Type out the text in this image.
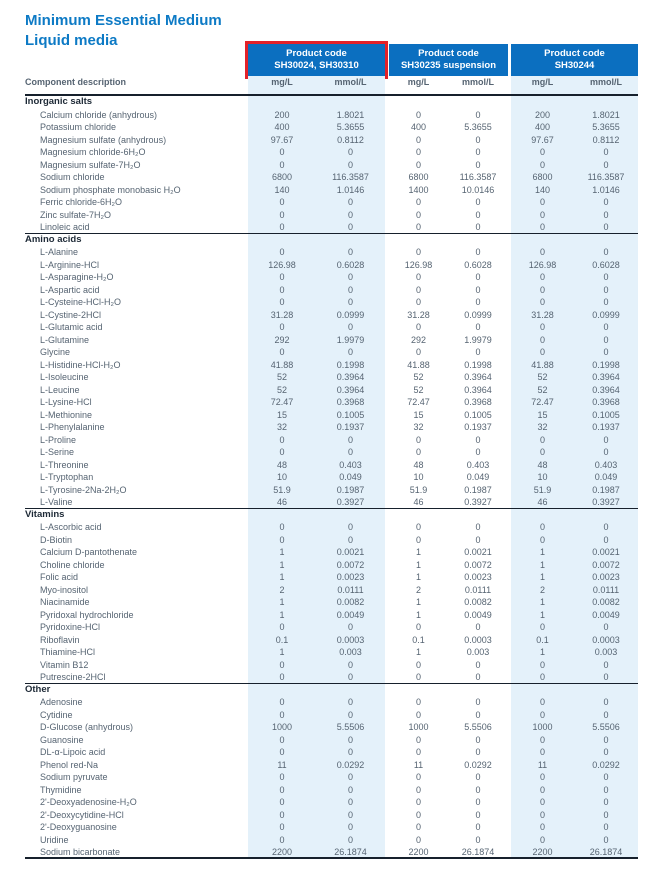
Minimum Essential Medium
Liquid media
Product code
SH30024, SH30310
Product code
SH30235 suspension
Product code
SH30244
Component description	mg/L	mmol/L	mg/L	mmol/L	mg/L	mmol/L
Inorganic salts
Calcium chloride (anhydrous)	200	1.8021	0	0	200	1.8021
Potassium chloride	400	5.3655	400	5.3655	400	5.3655
Magnesium sulfate (anhydrous)	97.67	0.8112	0	0	97.67	0.8112
Magnesium chloride-6H₂O	0	0	0	0	0	0
Magnesium sulfate-7H₂O	0	0	0	0	0	0
Sodium chloride	6800	116.3587	6800	116.3587	6800	116.3587
Sodium phosphate monobasic H₂O	140	1.0146	1400	10.0146	140	1.0146
Ferric chloride-6H₂O	0	0	0	0	0	0
Zinc sulfate-7H₂O	0	0	0	0	0	0
Linoleic acid	0	0	0	0	0	0
Amino acids
L-Alanine	0	0	0	0	0	0
L-Arginine-HCl	126.98	0.6028	126.98	0.6028	126.98	0.6028
L-Asparagine-H₂O	0	0	0	0	0	0
L-Aspartic acid	0	0	0	0	0	0
L-Cysteine-HCl-H₂O	0	0	0	0	0	0
L-Cystine-2HCl	31.28	0.0999	31.28	0.0999	31.28	0.0999
L-Glutamic acid	0	0	0	0	0	0
L-Glutamine	292	1.9979	292	1.9979	0	0
Glycine	0	0	0	0	0	0
L-Histidine-HCl-H₂O	41.88	0.1998	41.88	0.1998	41.88	0.1998
L-Isoleucine	52	0.3964	52	0.3964	52	0.3964
L-Leucine	52	0.3964	52	0.3964	52	0.3964
L-Lysine-HCl	72.47	0.3968	72.47	0.3968	72.47	0.3968
L-Methionine	15	0.1005	15	0.1005	15	0.1005
L-Phenylalanine	32	0.1937	32	0.1937	32	0.1937
L-Proline	0	0	0	0	0	0
L-Serine	0	0	0	0	0	0
L-Threonine	48	0.403	48	0.403	48	0.403
L-Tryptophan	10	0.049	10	0.049	10	0.049
L-Tyrosine-2Na-2H₂O	51.9	0.1987	51.9	0.1987	51.9	0.1987
L-Valine	46	0.3927	46	0.3927	46	0.3927
Vitamins
L-Ascorbic acid	0	0	0	0	0	0
D-Biotin	0	0	0	0	0	0
Calcium D-pantothenate	1	0.0021	1	0.0021	1	0.0021
Choline chloride	1	0.0072	1	0.0072	1	0.0072
Folic acid	1	0.0023	1	0.0023	1	0.0023
Myo-inositol	2	0.0111	2	0.0111	2	0.0111
Niacinamide	1	0.0082	1	0.0082	1	0.0082
Pyridoxal hydrochloride	1	0.0049	1	0.0049	1	0.0049
Pyridoxine-HCl	0	0	0	0	0	0
Riboflavin	0.1	0.0003	0.1	0.0003	0.1	0.0003
Thiamine-HCl	1	0.003	1	0.003	1	0.003
Vitamin B12	0	0	0	0	0	0
Putrescine-2HCl	0	0	0	0	0	0
Other
Adenosine	0	0	0	0	0	0
Cytidine	0	0	0	0	0	0
D-Glucose (anhydrous)	1000	5.5506	1000	5.5506	1000	5.5506
Guanosine	0	0	0	0	0	0
DL-α-Lipoic acid	0	0	0	0	0	0
Phenol red-Na	11	0.0292	11	0.0292	11	0.0292
Sodium pyruvate	0	0	0	0	0	0
Thymidine	0	0	0	0	0	0
2'-Deoxyadenosine-H₂O	0	0	0	0	0	0
2'-Deoxycytidine-HCl	0	0	0	0	0	0
2'-Deoxyguanosine	0	0	0	0	0	0
Uridine	0	0	0	0	0	0
Sodium bicarbonate	2200	26.1874	2200	26.1874	2200	26.1874
